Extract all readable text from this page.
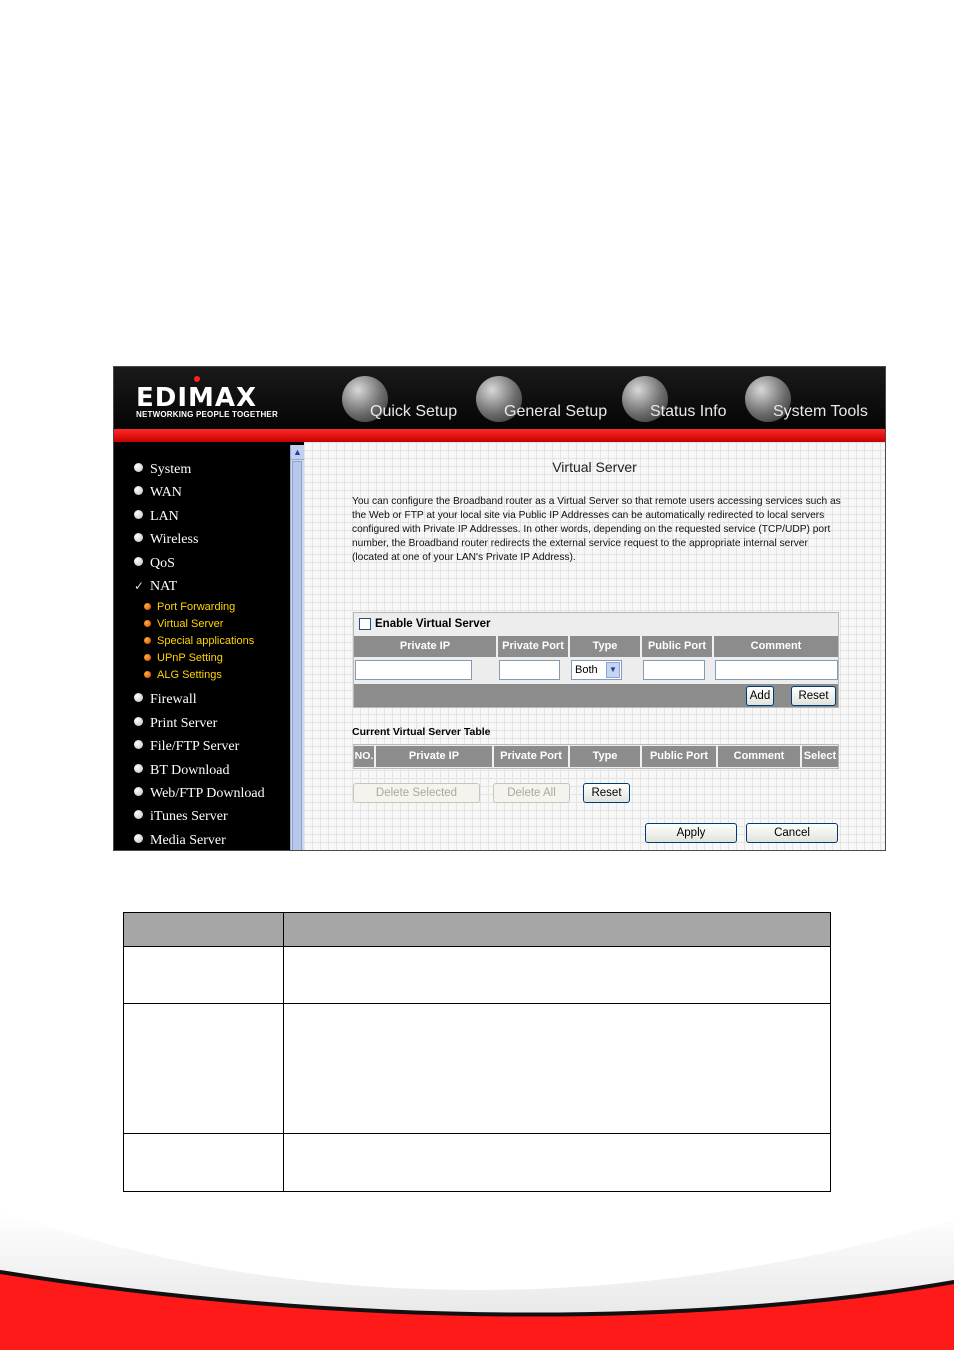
EDIMAX
NETWORKING PEOPLE TOGETHER	Quick Setup	General Setup	Status Info	System Tools
System
WAN
LAN
Wireless
QoS
✓ NAT
Port Forwarding
Virtual Server
Special applications
UPnP Setting
ALG Settings
Firewall
Print Server
File/FTP Server
BT Download
Web/FTP Download
iTunes Server
Media Server
▲
Virtual Server
You can configure the Broadband router as a Virtual Server so that remote users accessing services such as the Web or FTP at your local site via Public IP Addresses can be automatically redirected to local servers configured with Private IP Addresses. In other words, depending on the requested service (TCP/UDP) port number, the Broadband router redirects the external service request to the appropriate internal server (located at one of your LAN's Private IP Address).
Enable Virtual Server
Private IP	Private Port	Type	Public Port	Comment
Both	▼
Add	Reset
Current Virtual Server Table
NO.	Private IP	Private Port	Type	Public Port	Comment	Select
Delete Selected	Delete All	Reset
Apply	Cancel
